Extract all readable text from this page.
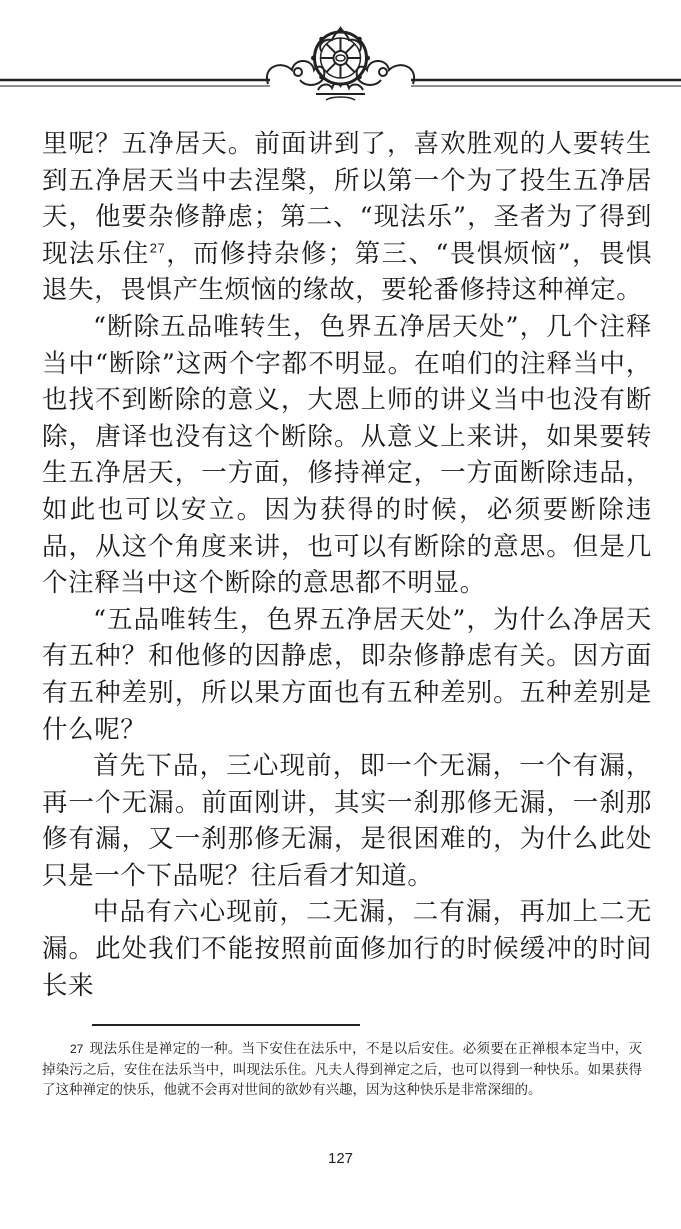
里呢？五净居天。前面讲到了，喜欢胜观的人要转生到五净居天当中去涅槃，所以第一个为了投生五净居天，他要杂修静虑；第二、“现法乐”，圣者为了得到现法乐住$^{27}$，而修持杂修；第三、“畏惧烦恼”，畏惧退失，畏惧产生烦恼的缘故，要轮番修持这种禅定。

“断除五品唯转生，色界五净居天处”，几个注释当中“断除”这两个字都不明显。在咱们的注释当中，也找不到断除的意义，大恩上师的讲义当中也没有断除，唐译也没有这个断除。从意义上来讲，如果要转生五净居天，一方面，修持禅定，一方面断除违品，如此也可以安立。因为获得的时候，必须要断除违品，从这个角度来讲，也可以有断除的意思。但是几个注释当中这个断除的意思都不明显。

“五品唯转生，色界五净居天处”，为什么净居天有五种？和他修的因静虑，即杂修静虑有关。因方面有五种差别，所以果方面也有五种差别。五种差别是什么呢？

首先下品，三心现前，即一个无漏，一个有漏，再一个无漏。前面刚讲，其实一刹那修无漏，一刹那修有漏，又一刹那修无漏，是很困难的，为什么此处只是一个下品呢？往后看才知道。

中品有六心现前，二无漏，二有漏，再加上二无漏。此处我们不能按照前面修加行的时候缓冲的时间长来

27 现法乐住是禅定的一种。当下安住在法乐中，不是以后安住。必须要在正禅根本定当中，灭掉染污之后，安住在法乐当中，叫现法乐住。凡夫人得到禅定之后，也可以得到一种快乐。如果获得了这种禅定的快乐，他就不会再对世间的欲妙有兴趣，因为这种快乐是非常深细的。
127
